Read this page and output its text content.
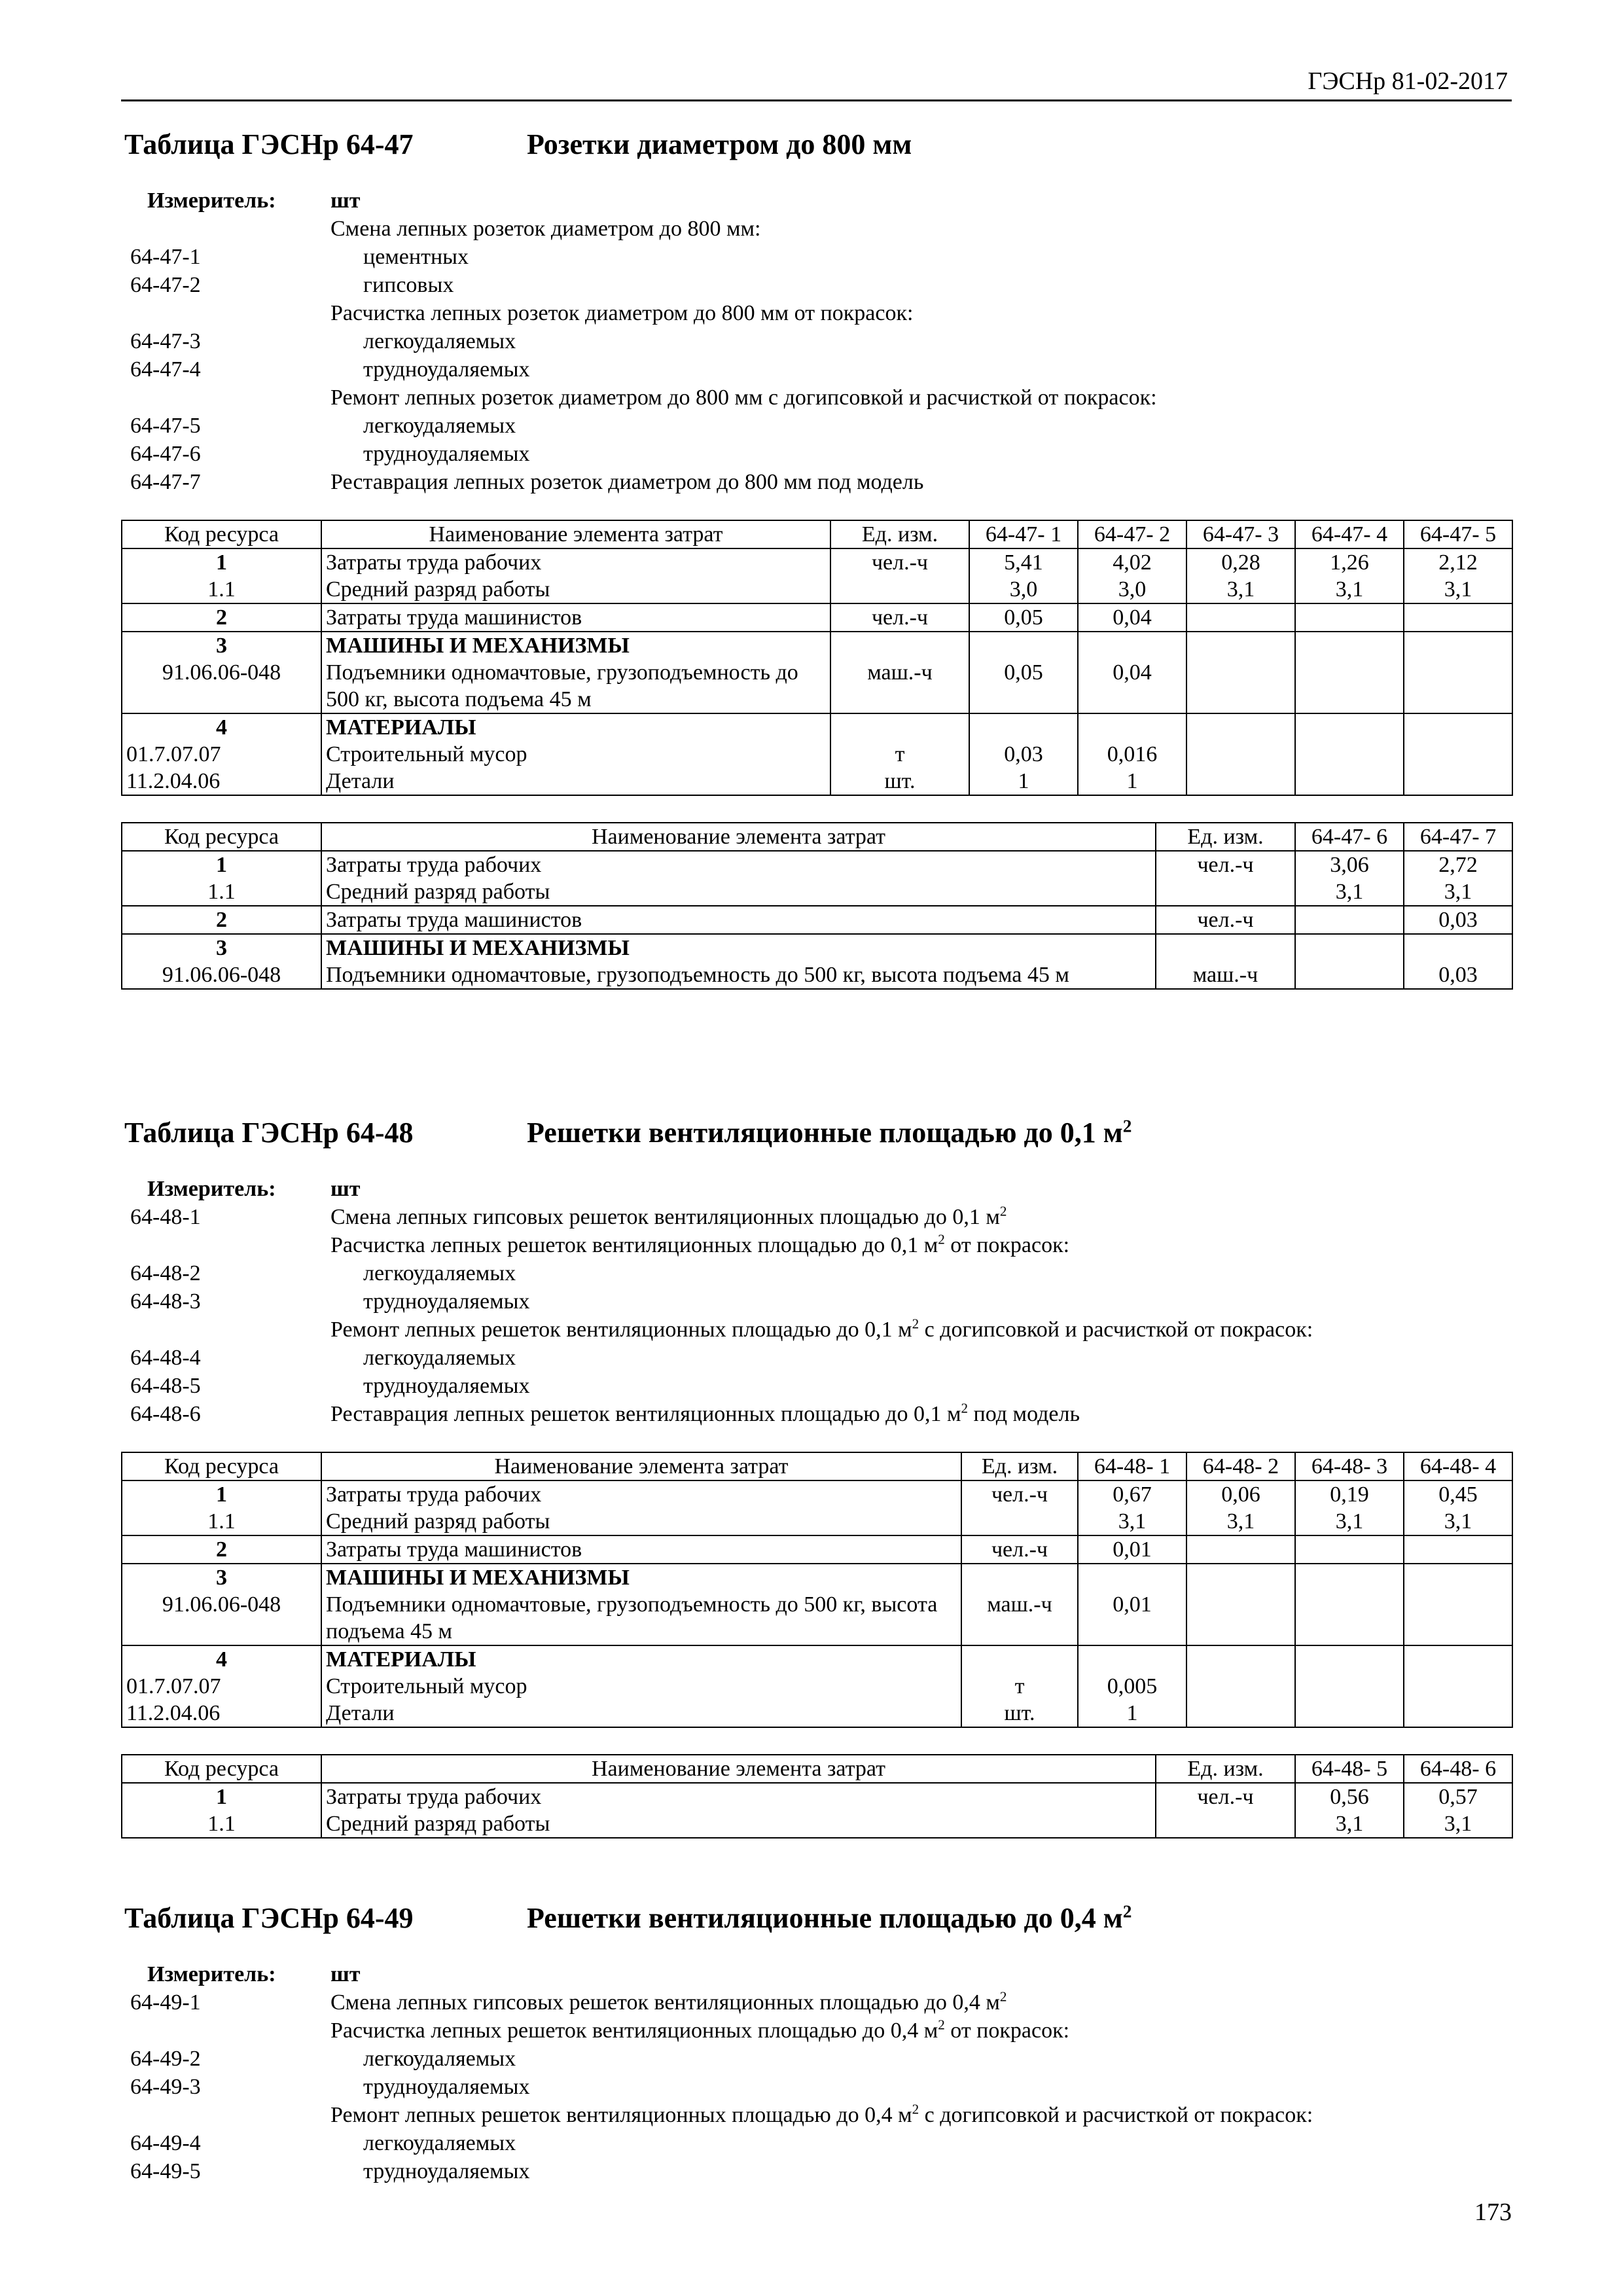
ГЭСНр 81-02-2017
Таблица ГЭСНр 64-47	Розетки диаметром до 800 мм
Измеритель: шт
Смена лепных розеток диаметром до 800 мм:
64-47-1	цементных
64-47-2	гипсовых
Расчистка лепных розеток диаметром до 800 мм от покрасок:
64-47-3	легкоудаляемых
64-47-4	трудноудаляемых
Ремонт лепных розеток диаметром до 800 мм с догипсовкой и расчисткой от покрасок:
64-47-5	легкоудаляемых
64-47-6	трудноудаляемых
64-47-7	Реставрация лепных розеток диаметром до 800 мм под модель
Код ресурса	Наименование элемента затрат	Ед. изм.	64-47- 1	64-47- 2	64-47- 3	64-47- 4	64-47- 5
1	Затраты труда рабочих	чел.-ч	5,41	4,02	0,28	1,26	2,12
1.1	Средний разряд работы		3,0	3,0	3,1	3,1	3,1
2	Затраты труда машинистов	чел.-ч	0,05	0,04			
3	МАШИНЫ И МЕХАНИЗМЫ						
91.06.06-048	Подъемники одномачтовые, грузоподъемность до 500 кг, высота подъема 45 м	маш.-ч	0,05	0,04			
4	МАТЕРИАЛЫ						
01.7.07.07	Строительный мусор	т	0,03	0,016			
11.2.04.06	Детали	шт.	1	1			
Код ресурса	Наименование элемента затрат	Ед. изм.	64-47- 6	64-47- 7
1	Затраты труда рабочих	чел.-ч	3,06	2,72
1.1	Средний разряд работы		3,1	3,1
2	Затраты труда машинистов	чел.-ч		0,03
3	МАШИНЫ И МЕХАНИЗМЫ			
91.06.06-048	Подъемники одномачтовые, грузоподъемность до 500 кг, высота подъема 45 м	маш.-ч		0,03
Таблица ГЭСНр 64-48	Решетки вентиляционные площадью до 0,1 $м^2$
Измеритель: шт
64-48-1	Смена лепных гипсовых решеток вентиляционных площадью до 0,1 $м^2$
Расчистка лепных решеток вентиляционных площадью до 0,1 $м^2$ от покрасок:
64-48-2	легкоудаляемых
64-48-3	трудноудаляемых
Ремонт лепных решеток вентиляционных площадью до 0,1 $м^2$ с догипсовкой и расчисткой от покрасок:
64-48-4	легкоудаляемых
64-48-5	трудноудаляемых
64-48-6	Реставрация лепных решеток вентиляционных площадью до 0,1 $м^2$ под модель
Код ресурса	Наименование элемента затрат	Ед. изм.	64-48- 1	64-48- 2	64-48- 3	64-48- 4
1	Затраты труда рабочих	чел.-ч	0,67	0,06	0,19	0,45
1.1	Средний разряд работы		3,1	3,1	3,1	3,1
2	Затраты труда машинистов	чел.-ч	0,01			
3	МАШИНЫ И МЕХАНИЗМЫ					
91.06.06-048	Подъемники одномачтовые, грузоподъемность до 500 кг, высота подъема 45 м	маш.-ч	0,01			
4	МАТЕРИАЛЫ					
01.7.07.07	Строительный мусор	т	0,005			
11.2.04.06	Детали	шт.	1			
Код ресурса	Наименование элемента затрат	Ед. изм.	64-48- 5	64-48- 6
1	Затраты труда рабочих	чел.-ч	0,56	0,57
1.1	Средний разряд работы		3,1	3,1
Таблица ГЭСНр 64-49	Решетки вентиляционные площадью до 0,4 $м^2$
Измеритель: шт
64-49-1	Смена лепных гипсовых решеток вентиляционных площадью до 0,4 $м^2$
Расчистка лепных решеток вентиляционных площадью до 0,4 $м^2$ от покрасок:
64-49-2	легкоудаляемых
64-49-3	трудноудаляемых
Ремонт лепных решеток вентиляционных площадью до 0,4 $м^2$ с догипсовкой и расчисткой от покрасок:
64-49-4	легкоудаляемых
64-49-5	трудноудаляемых
173
